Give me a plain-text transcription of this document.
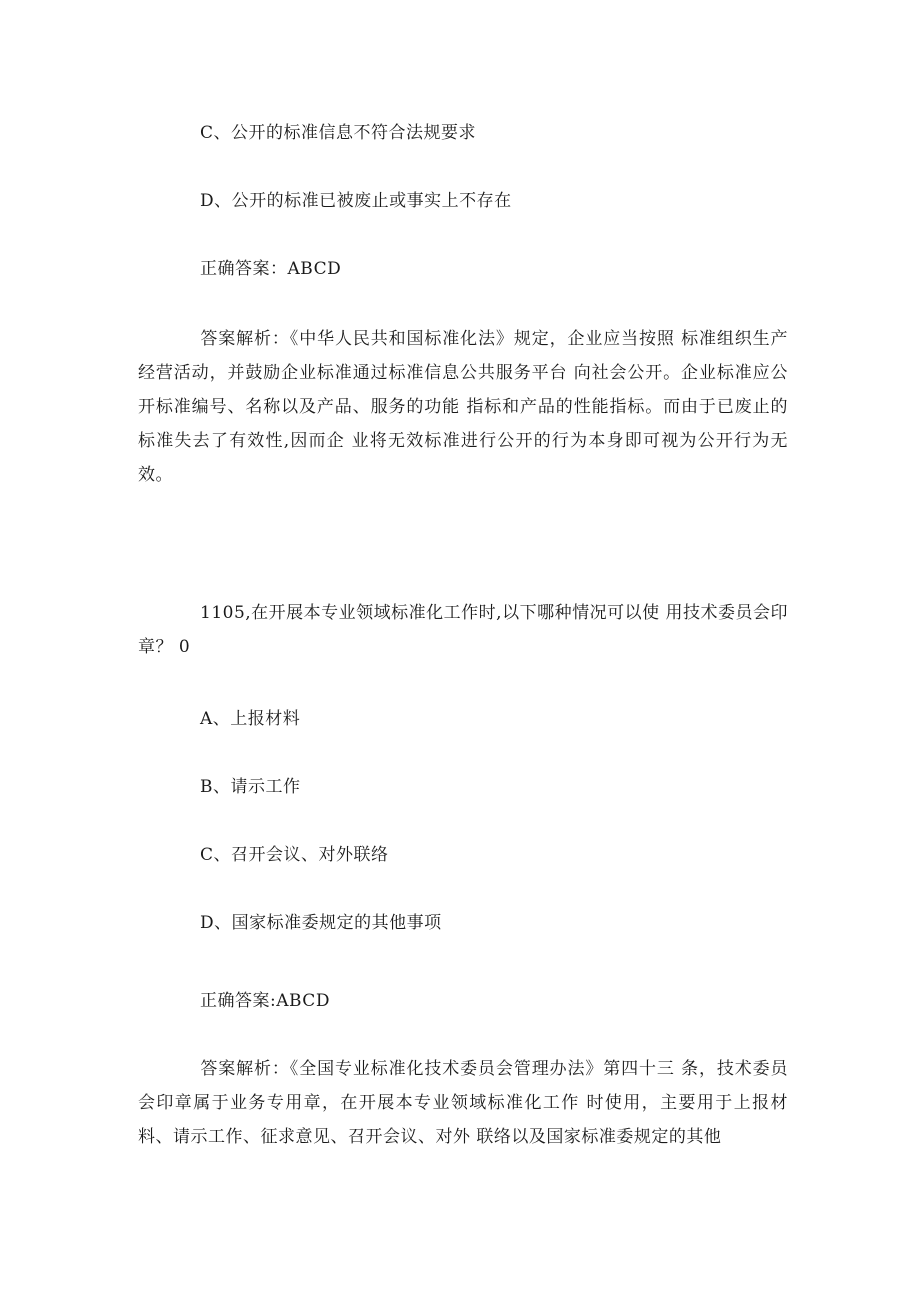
C、公开的标准信息不符合法规要求
D、公开的标准已被废止或事实上不存在
正确答案：ABCD
答案解析：《中华人民共和国标准化法》规定，企业应当按照 标准组织生产经营活动，并鼓励企业标准通过标准信息公共服务平台 向社会公开。企业标准应公开标准编号、名称以及产品、服务的功能 指标和产品的性能指标。而由于已废止的标准失去了有效性,因而企 业将无效标准进行公开的行为本身即可视为公开行为无效。
1105,在开展本专业领域标准化工作时,以下哪种情况可以使 用技术委员会印章？ 0
A、上报材料
B、请示工作
C、召开会议、对外联络
D、国家标准委规定的其他事项
正确答案:ABCD
答案解析：《全国专业标准化技术委员会管理办法》第四十三 条，技术委员会印章属于业务专用章，在开展本专业领域标准化工作 时使用，主要用于上报材料、请示工作、征求意见、召开会议、对外 联络以及国家标准委规定的其他
